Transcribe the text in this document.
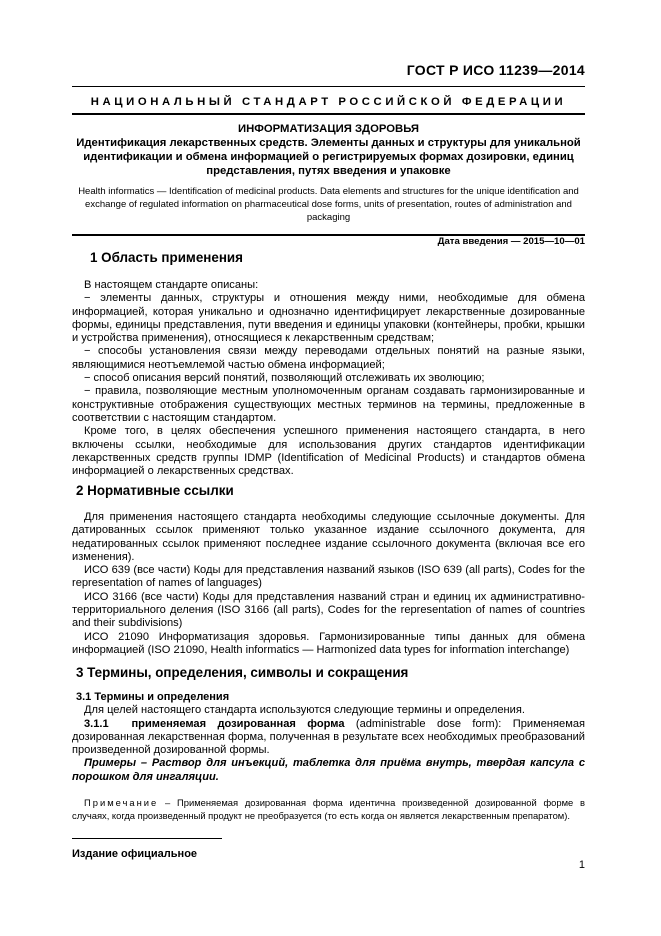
ГОСТ Р ИСО 11239—2014
НАЦИОНАЛЬНЫЙ СТАНДАРТ РОССИЙСКОЙ ФЕДЕРАЦИИ
ИНФОРМАТИЗАЦИЯ ЗДОРОВЬЯ
Идентификация лекарственных средств. Элементы данных и структуры для уникальной
идентификации и обмена информацией о регистрируемых формах дозировки, единиц
представления, путях введения и упаковке
Health informatics — Identification of medicinal products. Data elements and structures for the unique identification and
exchange of regulated information on pharmaceutical dose forms, units of presentation, routes of administration and
packaging
Дата введения — 2015—10—01
1 Область применения

В настоящем стандарте описаны:

− элементы данных, структуры и отношения между ними, необходимые для обмена информацией, которая уникально и однозначно идентифицирует лекарственные дозированные формы, единицы представления, пути введения и единицы упаковки (контейнеры, пробки, крышки и устройства применения), относящиеся к лекарственным средствам;

− способы установления связи между переводами отдельных понятий на разные языки, являющимися неотъемлемой частью обмена информацией;

− способ описания версий понятий, позволяющий отслеживать их эволюцию;

− правила, позволяющие местным уполномоченным органам создавать гармонизированные и конструктивные отображения существующих местных терминов на термины, предложенные в соответствии с настоящим стандартом.

Кроме того, в целях обеспечения успешного применения настоящего стандарта, в него включены ссылки, необходимые для использования других стандартов идентификации лекарственных средств группы IDMP (Identification of Medicinal Products) и стандартов обмена информацией о лекарственных средствах.

2 Нормативные ссылки

Для применения настоящего стандарта необходимы следующие ссылочные документы. Для датированных ссылок применяют только указанное издание ссылочного документа, для недатированных ссылок применяют последнее издание ссылочного документа (включая все его изменения).

ИСО 639 (все части) Коды для представления названий языков (ISO 639 (all parts), Codes for the representation of names of languages)

ИСО 3166 (все части) Коды для представления названий стран и единиц их административно-территориального деления (ISO 3166 (all parts), Codes for the representation of names of countries and their subdivisions)

ИСО 21090 Информатизация здоровья. Гармонизированные типы данных для обмена информацией (ISO 21090, Health informatics — Harmonized data types for information interchange)

3 Термины, определения, символы и сокращения

3.1 Термины и определения

Для целей настоящего стандарта используются следующие термины и определения.

3.1.1 применяемая дозированная форма (administrable dose form): Применяемая дозированная лекарственная форма, полученная в результате всех необходимых преобразований произведенной дозированной формы.

Примеры – Раствор для инъекций, таблетка для приёма внутрь, твердая капсула с порошком для ингаляции.

Примечание – Применяемая дозированная форма идентична произведенной дозированной форме в случаях, когда произведенный продукт не преобразуется (то есть когда он является лекарственным препаратом).
Издание официальное
1
